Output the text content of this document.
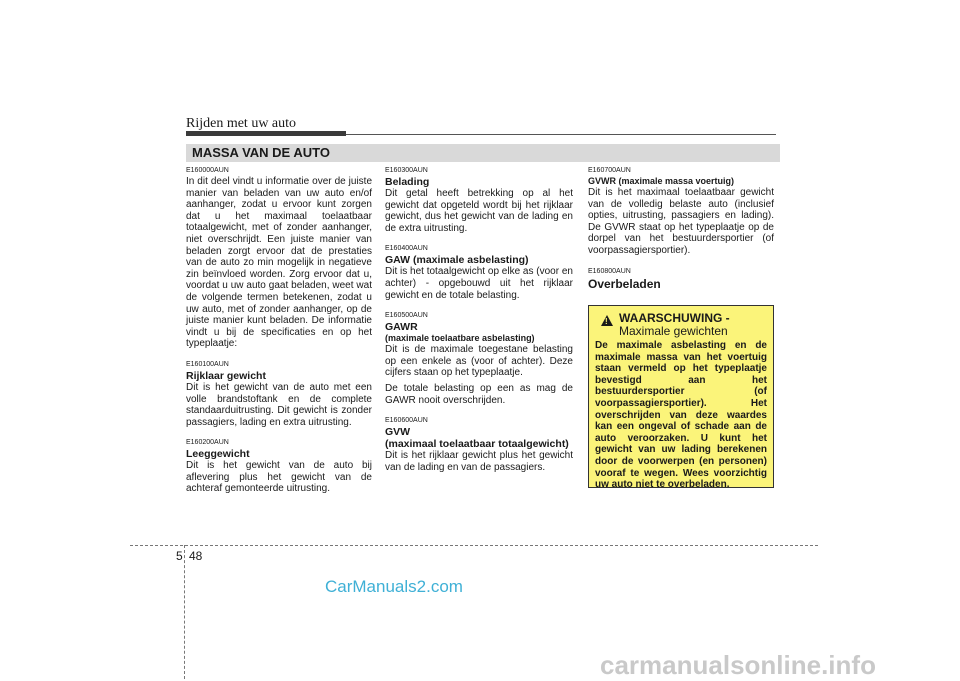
Rijden met uw auto
MASSA VAN DE AUTO
E160000AUN

In dit deel vindt u informatie over de juiste manier van beladen van uw auto en/of aanhanger, zodat u ervoor kunt zorgen dat u het maximaal toelaatbaar totaalgewicht, met of zonder aanhanger, niet overschrijdt. Een juiste manier van beladen zorgt ervoor dat de prestaties van de auto zo min mogelijk in negatieve zin beïnvloed worden. Zorg ervoor dat u, voordat u uw auto gaat beladen, weet wat de volgende termen betekenen, zodat u uw auto, met of zonder aanhanger, op de juiste manier kunt beladen. De informatie vindt u bij de specificaties en op het typeplaatje:

E160100AUN
Rijklaar gewicht

Dit is het gewicht van de auto met een volle brandstoftank en de complete standaarduitrusting. Dit gewicht is zonder passagiers, lading en extra uitrusting.

E160200AUN
Leeggewicht

Dit is het gewicht van de auto bij aflevering plus het gewicht van de achteraf gemonteerde uitrusting.

E160300AUN
Belading

Dit getal heeft betrekking op al het gewicht dat opgeteld wordt bij het rijklaar gewicht, dus het gewicht van de lading en de extra uitrusting.

E160400AUN
GAW (maximale asbelasting)

Dit is het totaalgewicht op elke as (voor en achter) - opgebouwd uit het rijklaar gewicht en de totale belasting.

E160500AUN
GAWR
(maximale toelaatbare asbelasting)

Dit is de maximale toegestane belasting op een enkele as (voor of achter). Deze cijfers staan op het typeplaatje.

De totale belasting op een as mag de GAWR nooit overschrijden.

E160600AUN
GVW
(maximaal toelaatbaar totaalgewicht)

Dit is het rijklaar gewicht plus het gewicht van de lading en van de passagiers.

E160700AUN
GVWR (maximale massa voertuig)

Dit is het maximaal toelaatbaar gewicht van de volledig belaste auto (inclusief opties, uitrusting, passagiers en lading). De GVWR staat op het typeplaatje op de dorpel van het bestuurdersportier (of voorpassagiersportier).

E160800AUN
Overbeladen
! WAARSCHUWING -
Maximale gewichten

De maximale asbelasting en de maximale massa van het voertuig staan vermeld op het typeplaatje bevestigd aan het bestuurdersportier (of voorpassagiersportier). Het overschrijden van deze waardes kan een ongeval of schade aan de auto veroorzaken. U kunt het gewicht van uw lading berekenen door de voorwerpen (en personen) vooraf te wegen. Wees voorzichtig uw auto niet te overbeladen.

5 48
CarManuals2.com
carmanualsonline.info
